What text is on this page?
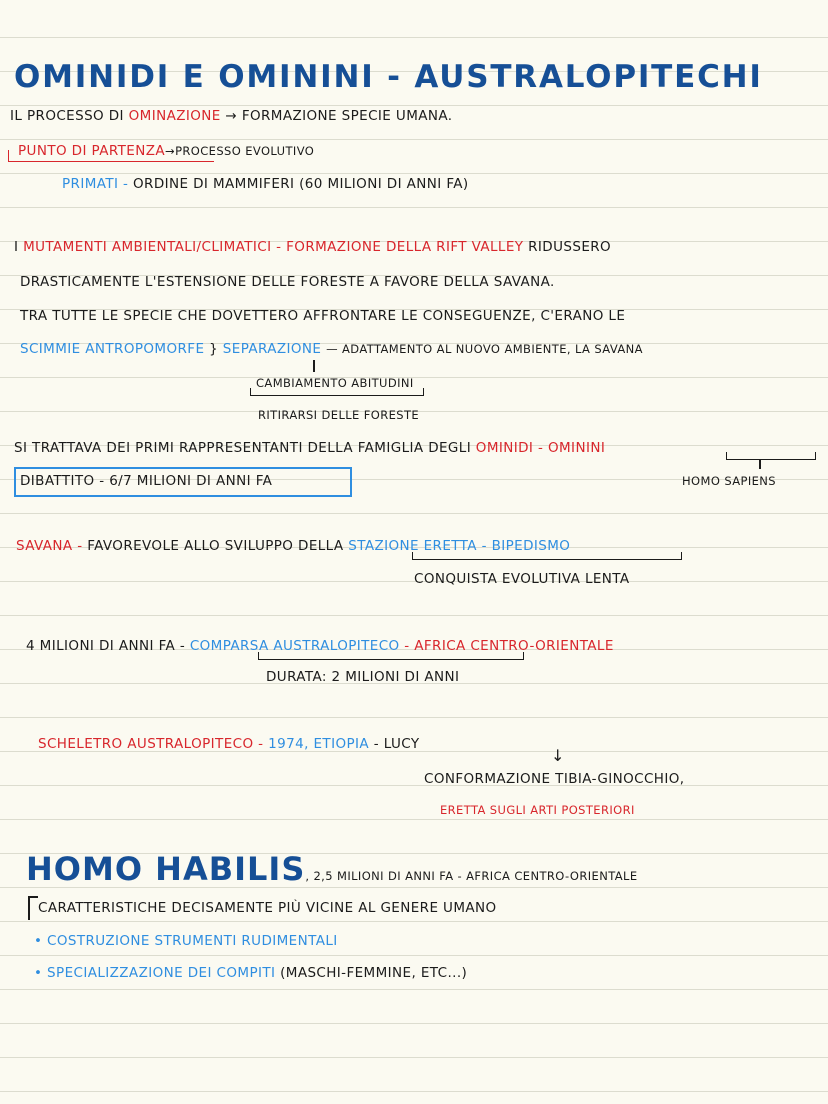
OMINIDI E OMININI - AUSTRALOPITECHI
IL PROCESSO DI OMINAZIONE → FORMAZIONE SPECIE UMANA.
PUNTO DI PARTENZA→PROCESSO EVOLUTIVO
PRIMATI - ORDINE DI MAMMIFERI (60 MILIONI DI ANNI FA)
I MUTAMENTI AMBIENTALI/CLIMATICI - FORMAZIONE DELLA RIFT VALLEY RIDUSSERO
DRASTICAMENTE L'ESTENSIONE DELLE FORESTE A FAVORE DELLA SAVANA.
TRA TUTTE LE SPECIE CHE DOVETTERO AFFRONTARE LE CONSEGUENZE, C'ERANO LE
SCIMMIE ANTROPOMORFE } SEPARAZIONE — ADATTAMENTO AL NUOVO AMBIENTE, LA SAVANA
CAMBIAMENTO ABITUDINI
RITIRARSI DELLE FORESTE
SI TRATTAVA DEI PRIMI RAPPRESENTANTI DELLA FAMIGLIA DEGLI OMINIDI - OMININI
DIBATTITO - 6/7 MILIONI DI ANNI FA	HOMO SAPIENS
SAVANA - FAVOREVOLE ALLO SVILUPPO DELLA STAZIONE ERETTA - BIPEDISMO
CONQUISTA EVOLUTIVA LENTA
4 MILIONI DI ANNI FA - COMPARSA AUSTRALOPITECO - AFRICA CENTRO-ORIENTALE
DURATA: 2 MILIONI DI ANNI
SCHELETRO AUSTRALOPITECO - 1974, ETIOPIA - LUCY
↓
CONFORMAZIONE TIBIA-GINOCCHIO,
ERETTA SUGLI ARTI POSTERIORI
HOMO HABILIS, 2,5 MILIONI DI ANNI FA - AFRICA CENTRO-ORIENTALE
CARATTERISTICHE DECISAMENTE PIÙ VICINE AL GENERE UMANO
• COSTRUZIONE STRUMENTI RUDIMENTALI
• SPECIALIZZAZIONE DEI COMPITI (MASCHI-FEMMINE, ETC...)
